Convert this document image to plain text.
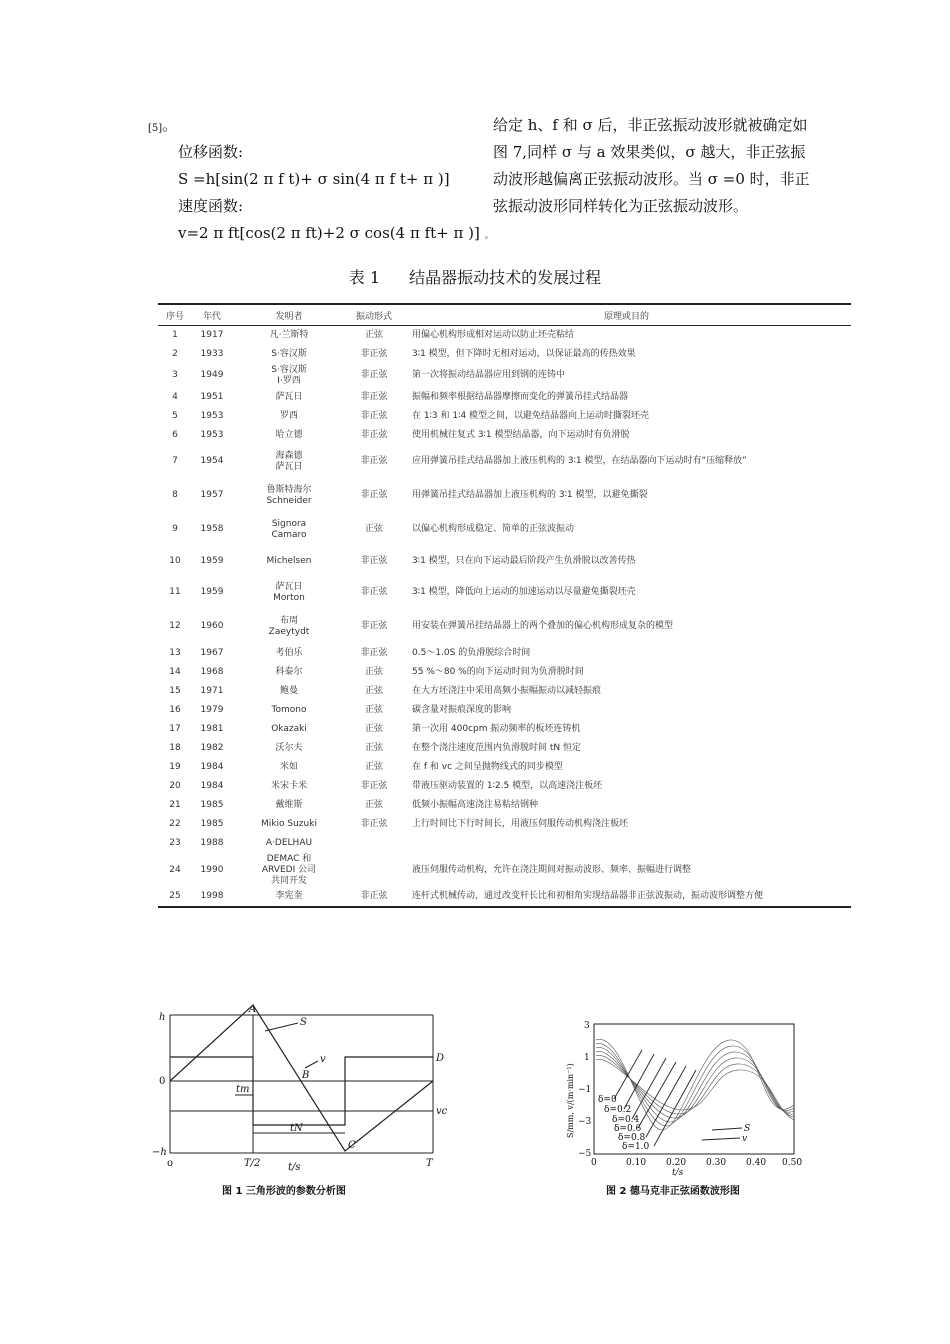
[5]。
位移函数:
S =h[sin(2 π f t)+ σ sin(4 π f t+ π )]
速度函数:
v=2 π ft[cos(2 π ft)+2 σ cos(4 π ft+ π )] 。
给定 h、f 和 σ 后，非正弦振动波形就被确定如图 7,同样 σ 与 a 效果类似，σ 越大，非正弦振动波形越偏离正弦振动波形。当 σ =0 时，非正弦振动波形同样转化为正弦振动波形。
表 1 结晶器振动技术的发展过程
序号	年代	发明者	振动形式	原理或目的
1	1917	凡·兰斯特	正弦	用偏心机构形成相对运动以防止坯壳粘结
2	1933	S·容汉斯	非正弦	3∶1 模型，但下降时无相对运动，以保证最高的传热效果
3	1949	S·容汉斯
I·罗西	非正弦	第一次将振动结晶器应用到钢的连铸中
4	1951	萨瓦日	非正弦	振幅和频率根据结晶器摩擦而变化的弹簧吊挂式结晶器
5	1953	罗西	非正弦	在 1∶3 和 1∶4 模型之间，以避免结晶器向上运动时撕裂坯壳
6	1953	哈立德	非正弦	使用机械往复式 3∶1 模型结晶器，向下运动时有负滑脱
7	1954	海森德
萨瓦日	非正弦	应用弹簧吊挂式结晶器加上液压机构的 3∶1 模型，在结晶器向下运动时有“压缩释放”
8	1957	鲁斯特海尔
Schneider	非正弦	用弹簧吊挂式结晶器加上液压机构的 3∶1 模型，以避免撕裂
9	1958	Signora
Camaro	正弦	以偏心机构形成稳定、简单的正弦波振动
10	1959	Michelsen	非正弦	3∶1 模型，只在向下运动最后阶段产生负滑脱以改善传热
11	1959	萨瓦日
Morton	非正弦	3∶1 模型，降低向上运动的加速运动以尽量避免撕裂坯壳
12	1960	布周
Zaeytydt	非正弦	用安装在弹簧吊挂结晶器上的两个叠加的偏心机构形成复杂的模型
13	1967	考伯乐	非正弦	0.5～1.0S 的负滑脱综合时间
14	1968	科泰尔	正弦	55 %～80 %的向下运动时间为负滑脱时间
15	1971	鲍曼	正弦	在大方坯浇注中采用高频小振幅振动以减轻振痕
16	1979	Tomono	正弦	碳含量对振痕深度的影响
17	1981	Okazaki	正弦	第一次用 400cpm 振动频率的板坯连铸机
18	1982	沃尔夫	正弦	在整个浇注速度范围内负滑脱时间 tN 恒定
19	1984	米如	正弦	在 f 和 vc 之间呈抛物线式的同步模型
20	1984	米宋卡米	非正弦	带液压驱动装置的 1∶2.5 模型，以高速浇注板坯
21	1985	戴维斯	正弦	低频小振幅高速浇注易粘结钢种
22	1985	Mikio Suzuki	非正弦	上行时间比下行时间长，用液压伺服传动机构浇注板坯
23	1988	A·DELHAU		
24	1990	DEMAC 和
ARVEDI 公司
共同开发		液压伺服传动机构，允许在浇注期间对振动波形、频率、振幅进行调整
25	1998	李宪奎	非正弦	连杆式机械传动，通过改变杆长比和初相角实现结晶器非正弦波振动，振动波形调整方便
h
0
−h
o	T/2	T
t/s
A
B
C
D
S
v
vc
tm
tN
图 1 三角形波的参数分析图
3
1
−1
−3
−5
0	0.10 0.20 0.30 0.40 0.50
t/s
S/mm, v/(m·min⁻¹)	δ=0
δ=0.2
δ=0.4
δ=0.6
δ=0.8
δ=1.0
S
v
图 2 德马克非正弦函数波形图
